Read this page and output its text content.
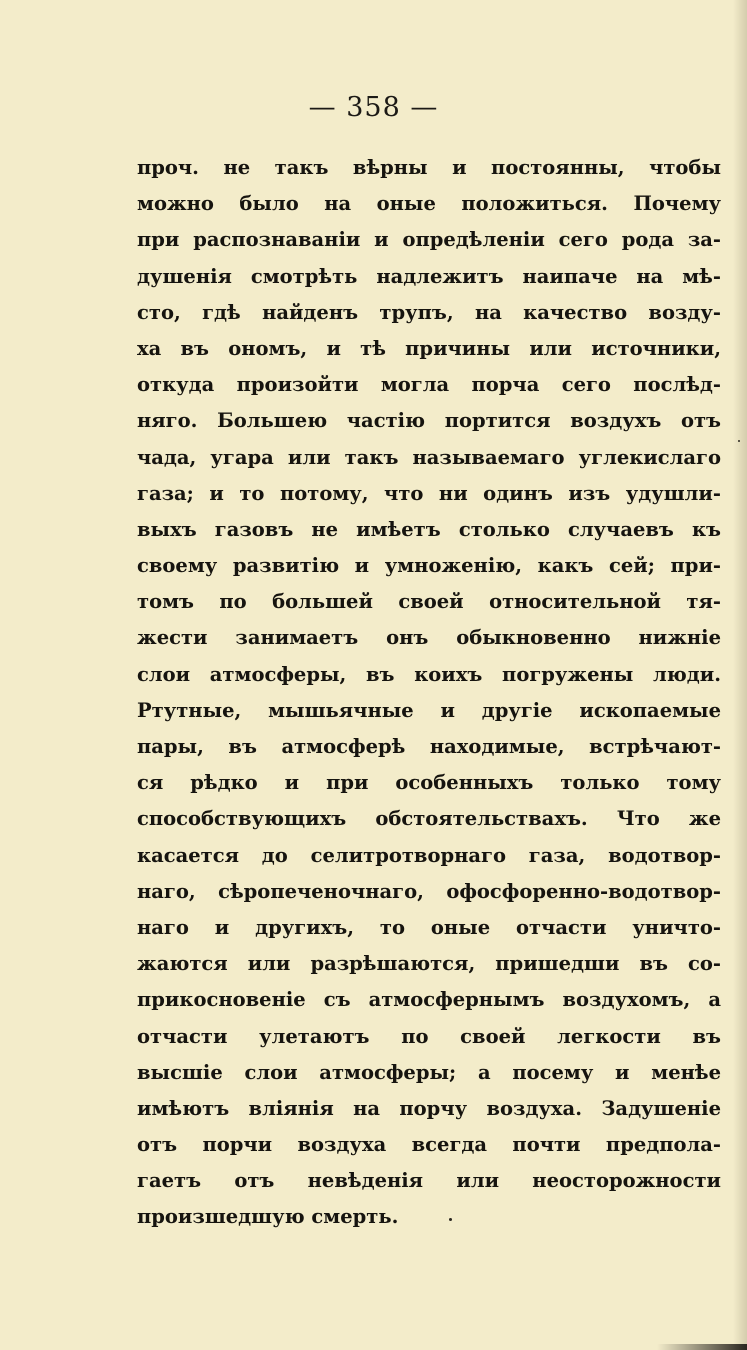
— 358 —
проч. не такъ вѣрны и постоянны, чтобы
можно было на оные положиться. Почему
при распознаваніи и опредѣленіи сего рода за-
душенія смотрѣть надлежитъ наипаче на мѣ-
сто, гдѣ найденъ трупъ, на качество возду-
ха въ ономъ, и тѣ причины или источники,
откуда произойти могла порча сего послѣд-
няго. Большею частію портится воздухъ отъ
чада, угара или такъ называемаго углекислаго
газа; и то потому, что ни одинъ изъ удушли-
выхъ газовъ не имѣетъ столько случаевъ къ
своему развитію и умноженію, какъ сей; при-
томъ по большей своей относительной тя-
жести занимаетъ онъ обыкновенно нижніе
слои атмосферы, въ коихъ погружены люди.
Ртутные, мышьячные и другіе ископаемые
пары, въ атмосферѣ находимые, встрѣчают-
ся рѣдко и при особенныхъ только тому
способствующихъ обстоятельствахъ. Что же
касается до селитротворнаго газа, водотвор-
наго, сѣропеченочнаго, офосфоренно-водотвор-
наго и другихъ, то оные отчасти уничто-
жаются или разрѣшаются, пришедши въ со-
прикосновеніе съ атмосфернымъ воздухомъ, а
отчасти улетаютъ по своей легкости въ
высшіе слои атмосферы; а посему и менѣе
имѣютъ вліянія на порчу воздуха. Задушеніе
отъ порчи воздуха всегда почти предпола-
гаетъ отъ невѣденія или неосторожности
произшедшую смерть.
